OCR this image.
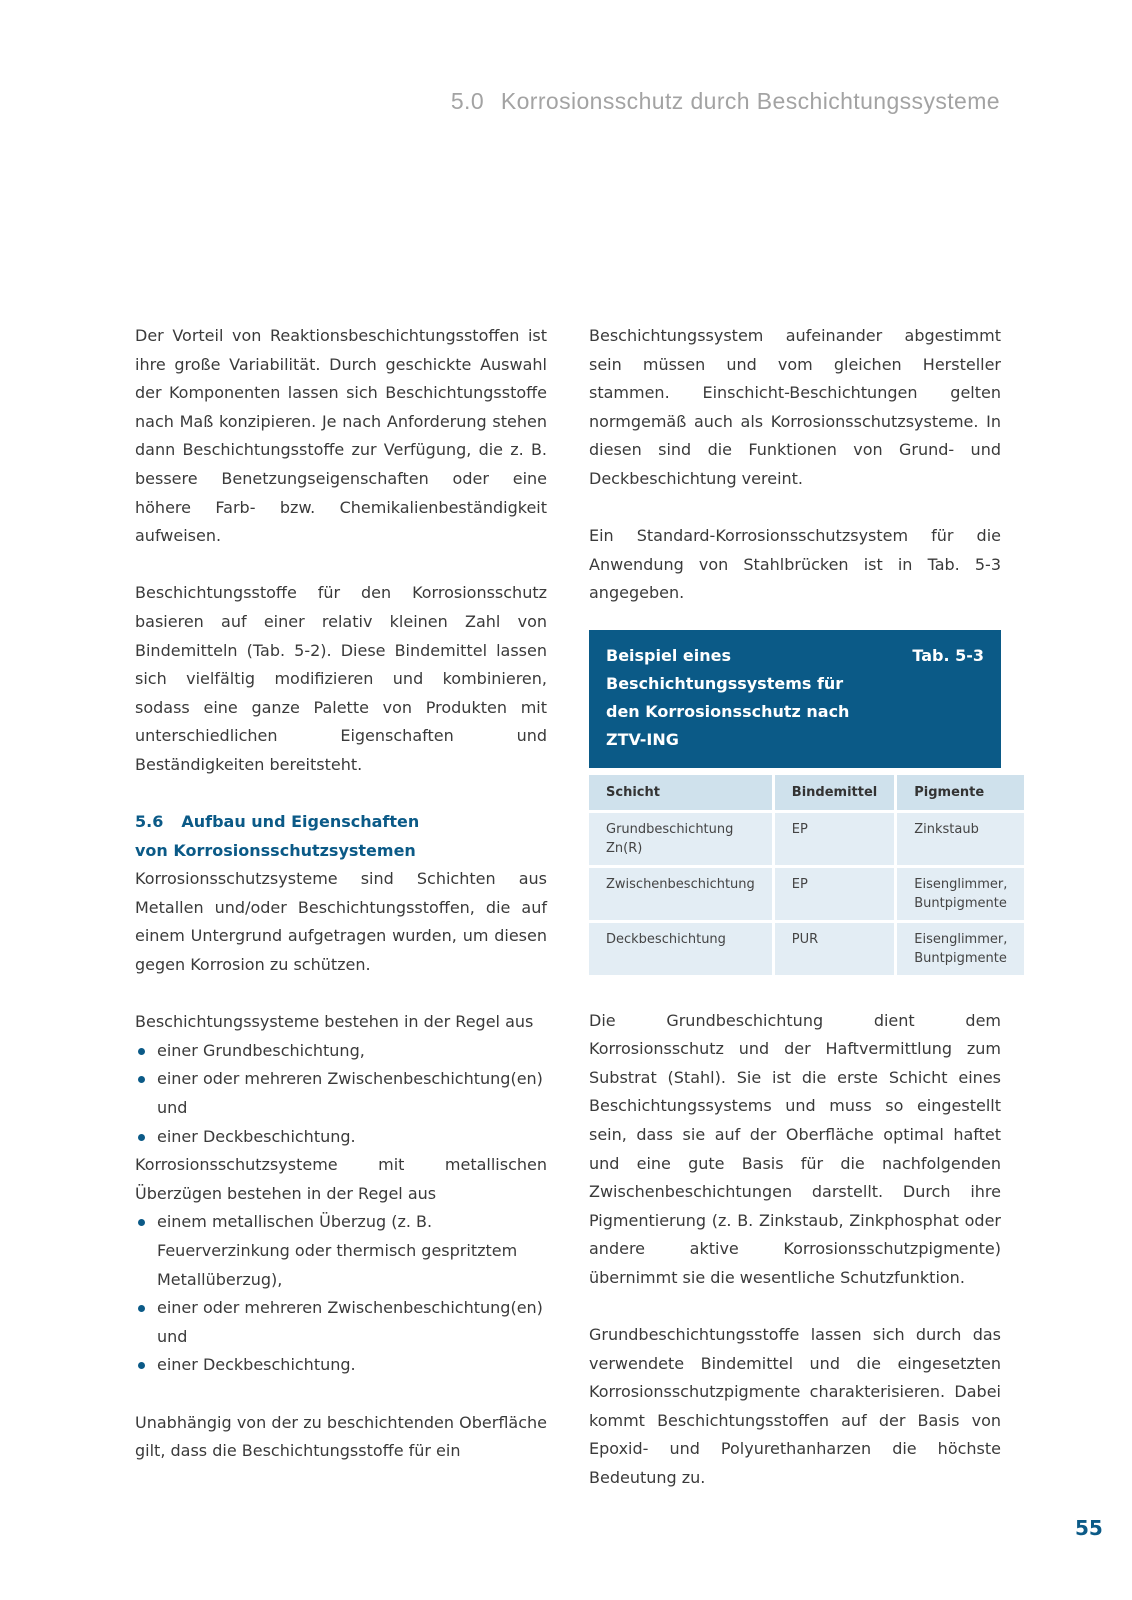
5.0 Korrosionsschutz durch Beschichtungssysteme

Der Vorteil von Reaktionsbeschichtungsstoffen ist ihre große Variabilität. Durch geschickte Auswahl der Komponenten lassen sich Beschichtungsstoffe nach Maß konzipieren. Je nach Anforderung stehen dann Beschichtungsstoffe zur Verfügung, die z. B. bessere Benetzungseigenschaften oder eine höhere Farb- bzw. Chemikalienbeständigkeit aufweisen.

Beschichtungsstoffe für den Korrosionsschutz basieren auf einer relativ kleinen Zahl von Bindemitteln (Tab. 5-2). Diese Bindemittel lassen sich vielfältig modifizieren und kombinieren, sodass eine ganze Palette von Produkten mit unterschiedlichen Eigenschaften und Beständigkeiten bereitsteht.

5.6 Aufbau und Eigenschaften
von Korrosionsschutzsystemen

Korrosionsschutzsysteme sind Schichten aus Metallen und/oder Beschichtungsstoffen, die auf einem Untergrund aufgetragen wurden, um diesen gegen Korrosion zu schützen.

Beschichtungssysteme bestehen in der Regel aus

einer Grundbeschichtung,
einer oder mehreren Zwischenbeschichtung(en) und
einer Deckbeschichtung.

Korrosionsschutzsysteme mit metallischen Überzügen bestehen in der Regel aus

einem metallischen Überzug (z. B. Feuerverzinkung oder thermisch gespritztem Metallüberzug),
einer oder mehreren Zwischenbeschichtung(en) und
einer Deckbeschichtung.

Unabhängig von der zu beschichtenden Oberfläche gilt, dass die Beschichtungsstoffe für ein

Beschichtungssystem aufeinander abgestimmt sein müssen und vom gleichen Hersteller stammen. Einschicht-Beschichtungen gelten normgemäß auch als Korrosionsschutzsysteme. In diesen sind die Funktionen von Grund- und Deckbeschichtung vereint.

Ein Standard-Korrosionsschutzsystem für die Anwendung von Stahlbrücken ist in Tab. 5-3 angegeben.

Beispiel eines Beschichtungssystems für den Korrosionsschutz nach ZTV-ING
Tab. 5-3
Schicht	Bindemittel	Pigmente
Grundbeschichtung Zn(R)	EP	Zinkstaub
Zwischenbeschichtung	EP	Eisenglimmer, Buntpigmente
Deckbeschichtung	PUR	Eisenglimmer, Buntpigmente

Die Grundbeschichtung dient dem Korrosionsschutz und der Haftvermittlung zum Substrat (Stahl). Sie ist die erste Schicht eines Beschichtungssystems und muss so eingestellt sein, dass sie auf der Oberfläche optimal haftet und eine gute Basis für die nachfolgenden Zwischenbeschichtungen darstellt. Durch ihre Pigmentierung (z. B. Zinkstaub, Zinkphosphat oder andere aktive Korrosionsschutzpigmente) übernimmt sie die wesentliche Schutzfunktion.

Grundbeschichtungsstoffe lassen sich durch das verwendete Bindemittel und die eingesetzten Korrosionsschutzpigmente charakterisieren. Dabei kommt Beschichtungsstoffen auf der Basis von Epoxid- und Polyurethanharzen die höchste Bedeutung zu.

55
